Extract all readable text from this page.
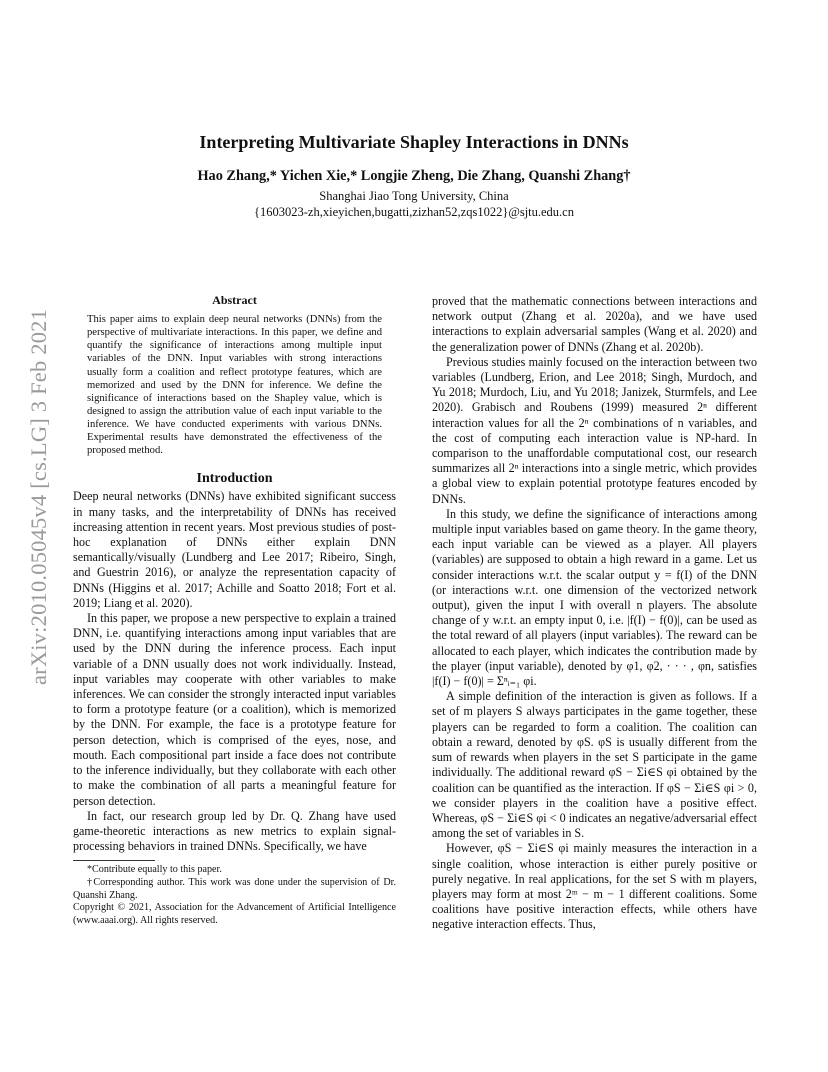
arXiv:2010.05045v4 [cs.LG] 3 Feb 2021
Interpreting Multivariate Shapley Interactions in DNNs
Hao Zhang,* Yichen Xie,* Longjie Zheng, Die Zhang, Quanshi Zhang†
Shanghai Jiao Tong University, China
{1603023-zh,xieyichen,bugatti,zizhan52,zqs1022}@sjtu.edu.cn
Abstract

This paper aims to explain deep neural networks (DNNs) from the perspective of multivariate interactions. In this paper, we define and quantify the significance of interactions among multiple input variables of the DNN. Input variables with strong interactions usually form a coalition and reflect prototype features, which are memorized and used by the DNN for inference. We define the significance of interactions based on the Shapley value, which is designed to assign the attribution value of each input variable to the inference. We have conducted experiments with various DNNs. Experimental results have demonstrated the effectiveness of the proposed method.

Introduction

Deep neural networks (DNNs) have exhibited significant success in many tasks, and the interpretability of DNNs has received increasing attention in recent years. Most previous studies of post-hoc explanation of DNNs either explain DNN semantically/visually (Lundberg and Lee 2017; Ribeiro, Singh, and Guestrin 2016), or analyze the representation capacity of DNNs (Higgins et al. 2017; Achille and Soatto 2018; Fort et al. 2019; Liang et al. 2020).

In this paper, we propose a new perspective to explain a trained DNN, i.e. quantifying interactions among input variables that are used by the DNN during the inference process. Each input variable of a DNN usually does not work individually. Instead, input variables may cooperate with other variables to make inferences. We can consider the strongly interacted input variables to form a prototype feature (or a coalition), which is memorized by the DNN. For example, the face is a prototype feature for person detection, which is comprised of the eyes, nose, and mouth. Each compositional part inside a face does not contribute to the inference individually, but they collaborate with each other to make the combination of all parts a meaningful feature for person detection.

In fact, our research group led by Dr. Q. Zhang have used game-theoretic interactions as new metrics to explain signal-processing behaviors in trained DNNs. Specifically, we have

*Contribute equally to this paper.

†Corresponding author. This work was done under the supervision of Dr. Quanshi Zhang.

Copyright © 2021, Association for the Advancement of Artificial Intelligence (www.aaai.org). All rights reserved.

proved that the mathematic connections between interactions and network output (Zhang et al. 2020a), and we have used interactions to explain adversarial samples (Wang et al. 2020) and the generalization power of DNNs (Zhang et al. 2020b).

Previous studies mainly focused on the interaction between two variables (Lundberg, Erion, and Lee 2018; Singh, Murdoch, and Yu 2018; Murdoch, Liu, and Yu 2018; Janizek, Sturmfels, and Lee 2020). Grabisch and Roubens (1999) measured 2ⁿ different interaction values for all the 2ⁿ combinations of n variables, and the cost of computing each interaction value is NP-hard. In comparison to the unaffordable computational cost, our research summarizes all 2ⁿ interactions into a single metric, which provides a global view to explain potential prototype features encoded by DNNs.

In this study, we define the significance of interactions among multiple input variables based on game theory. In the game theory, each input variable can be viewed as a player. All players (variables) are supposed to obtain a high reward in a game. Let us consider interactions w.r.t. the scalar output y = f(I) of the DNN (or interactions w.r.t. one dimension of the vectorized network output), given the input I with overall n players. The absolute change of y w.r.t. an empty input 0, i.e. |f(I) − f(0)|, can be used as the total reward of all players (input variables). The reward can be allocated to each player, which indicates the contribution made by the player (input variable), denoted by φ1, φ2, · · · , φn, satisfies |f(I) − f(0)| = Σⁿᵢ₌₁ φi.

A simple definition of the interaction is given as follows. If a set of m players S always participates in the game together, these players can be regarded to form a coalition. The coalition can obtain a reward, denoted by φS. φS is usually different from the sum of rewards when players in the set S participate in the game individually. The additional reward φS − Σi∈S φi obtained by the coalition can be quantified as the interaction. If φS − Σi∈S φi > 0, we consider players in the coalition have a positive effect. Whereas, φS − Σi∈S φi < 0 indicates an negative/adversarial effect among the set of variables in S.

However, φS − Σi∈S φi mainly measures the interaction in a single coalition, whose interaction is either purely positive or purely negative. In real applications, for the set S with m players, players may form at most 2ᵐ − m − 1 different coalitions. Some coalitions have positive interaction effects, while others have negative interaction effects. Thus,
